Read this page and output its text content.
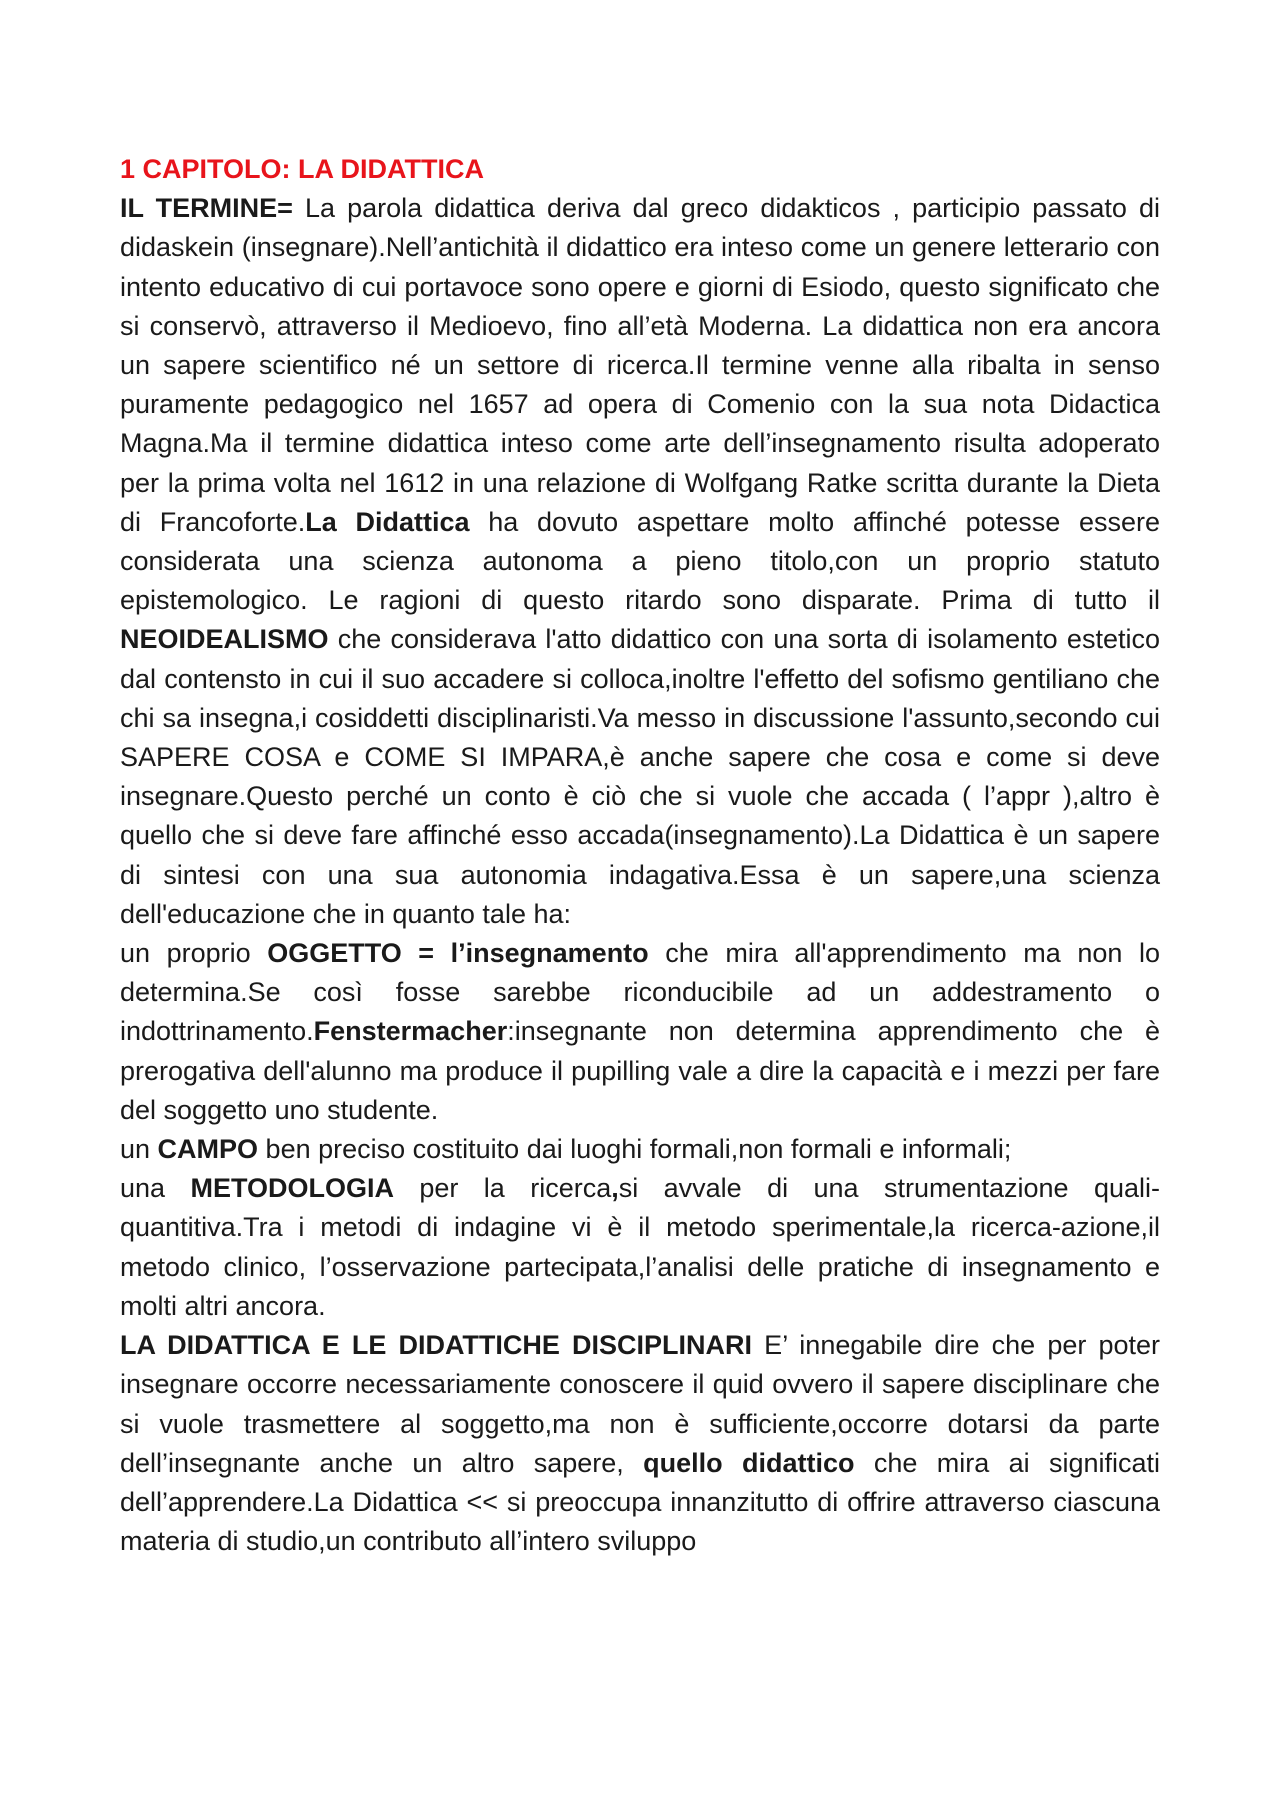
1 CAPITOLO: LA DIDATTICA

IL TERMINE= La parola didattica deriva dal greco didakticos , participio passato di didaskein (insegnare).Nell’antichità il didattico era inteso come un genere letterario con intento educativo di cui portavoce sono opere e giorni di Esiodo, questo significato che si conservò, attraverso il Medioevo, fino all’età Moderna. La didattica non era ancora un sapere scientifico né un settore di ricerca.Il termine venne alla ribalta in senso puramente pedagogico nel 1657 ad opera di Comenio con la sua nota Didactica Magna.Ma il termine didattica inteso come arte dell’insegnamento risulta adoperato per la prima volta nel 1612 in una relazione di Wolfgang Ratke scritta durante la Dieta di Francoforte.La Didattica ha dovuto aspettare molto affinché potesse essere considerata una scienza autonoma a pieno titolo,con un proprio statuto epistemologico. Le ragioni di questo ritardo sono disparate. Prima di tutto il NEOIDEALISMO che considerava l'atto didattico con una sorta di isolamento estetico dal contensto in cui il suo accadere si colloca,inoltre l'effetto del sofismo gentiliano che chi sa insegna,i cosiddetti disciplinaristi.Va messo in discussione l'assunto,secondo cui SAPERE COSA e COME SI IMPARA,è anche sapere che cosa e come si deve insegnare.Questo perché un conto è ciò che si vuole che accada ( l’appr ),altro è quello che si deve fare affinché esso accada(insegnamento).La Didattica è un sapere di sintesi con una sua autonomia indagativa.Essa è un sapere,una scienza dell'educazione che in quanto tale ha:

un proprio OGGETTO = l’insegnamento che mira all'apprendimento ma non lo determina.Se così fosse sarebbe riconducibile ad un addestramento o indottrinamento.Fenstermacher:insegnante non determina apprendimento che è prerogativa dell'alunno ma produce il pupilling vale a dire la capacità e i mezzi per fare del soggetto uno studente.

un CAMPO ben preciso costituito dai luoghi formali,non formali e informali;

una METODOLOGIA per la ricerca,si avvale di una strumentazione quali-quantitiva.Tra i metodi di indagine vi è il metodo sperimentale,la ricerca-azione,il metodo clinico, l’osservazione partecipata,l’analisi delle pratiche di insegnamento e molti altri ancora.

LA DIDATTICA E LE DIDATTICHE DISCIPLINARI E’ innegabile dire che per poter insegnare occorre necessariamente conoscere il quid ovvero il sapere disciplinare che si vuole trasmettere al soggetto,ma non è sufficiente,occorre dotarsi da parte dell’insegnante anche un altro sapere, quello didattico che mira ai significati dell’apprendere.La Didattica << si preoccupa innanzitutto di offrire attraverso ciascuna materia di studio,un contributo all’intero sviluppo
